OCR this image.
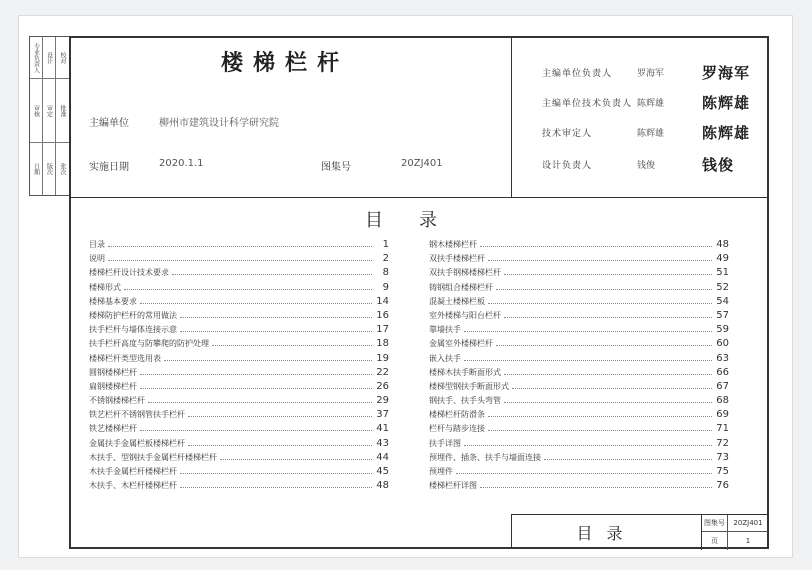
专业负责人	设计	校对
审核	审定	批准
日期	版次	张次
楼梯栏杆
主编单位	柳州市建筑设计科学研究院
实施日期	2020.1.1	图集号	20ZJ401
主编单位负责人	罗海军	罗海军
主编单位技术负责人 陈辉雄	陈辉雄
技术审定人	陈辉雄	陈辉雄
设计负责人	钱俊	钱俊
目录
目录	1
说明	2
楼梯栏杆设计技术要求	8
楼梯形式	9
楼梯基本要求	14
楼梯防护栏杆的常用做法	16
扶手栏杆与墙体连接示意	17
扶手栏杆高度与防攀爬的防护处理	18
楼梯栏杆类型选用表	19
圆钢楼梯栏杆	22
扁钢楼梯栏杆	26
不锈钢楼梯栏杆	29
铁艺栏杆不锈钢管扶手栏杆	37
铁艺楼梯栏杆	41
金属扶手金属栏板楼梯栏杆	43
木扶手、型钢扶手金属栏杆楼梯栏杆	44
木扶手金属栏杆楼梯栏杆	45
木扶手、木栏杆楼梯栏杆	48
钢木楼梯栏杆	48
双扶手楼梯栏杆	49
双扶手钢梯楼梯栏杆	51
铸钢组合楼梯栏杆	52
混凝土楼梯栏板	54
室外楼梯与阳台栏杆	57
靠墙扶手	59
金属室外楼梯栏杆	60
嵌入扶手	63
楼梯木扶手断面形式	66
楼梯型钢扶手断面形式	67
钢扶手、扶手头弯管	68
楼梯栏杆防滑条	69
栏杆与踏步连接	71
扶手详图	72
预埋件、插条、扶手与墙面连接	73
预埋件	75
楼梯栏杆详图	76
目录
图集号	20ZJ401
页	1
